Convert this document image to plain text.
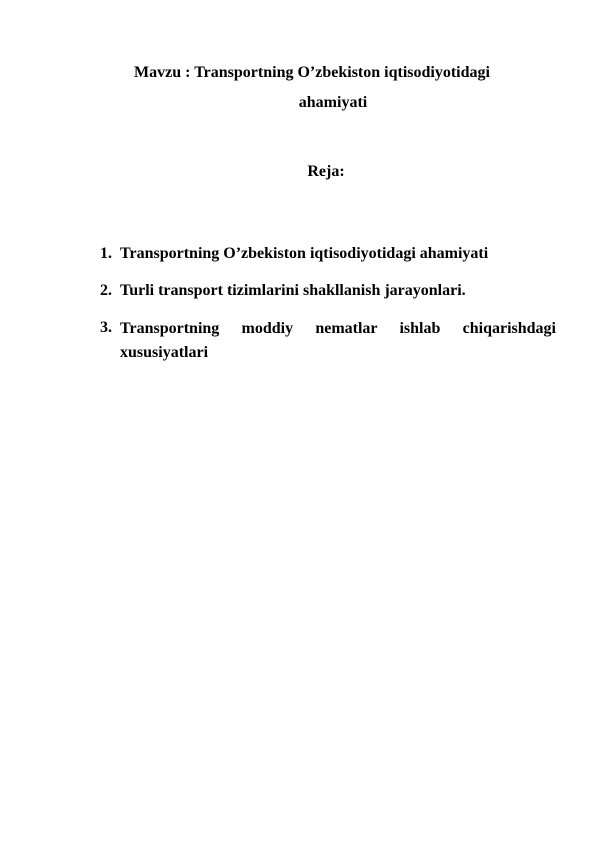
Mavzu : Transportning O’zbekiston iqtisodiyotidagi
ahamiyati
Reja:
1. Transportning O’zbekiston iqtisodiyotidagi ahamiyati
2. Turli transport tizimlarini shakllanish jarayonlari.
3. Transportning moddiy nematlar ishlab chiqarishdagi
xususiyatlari
